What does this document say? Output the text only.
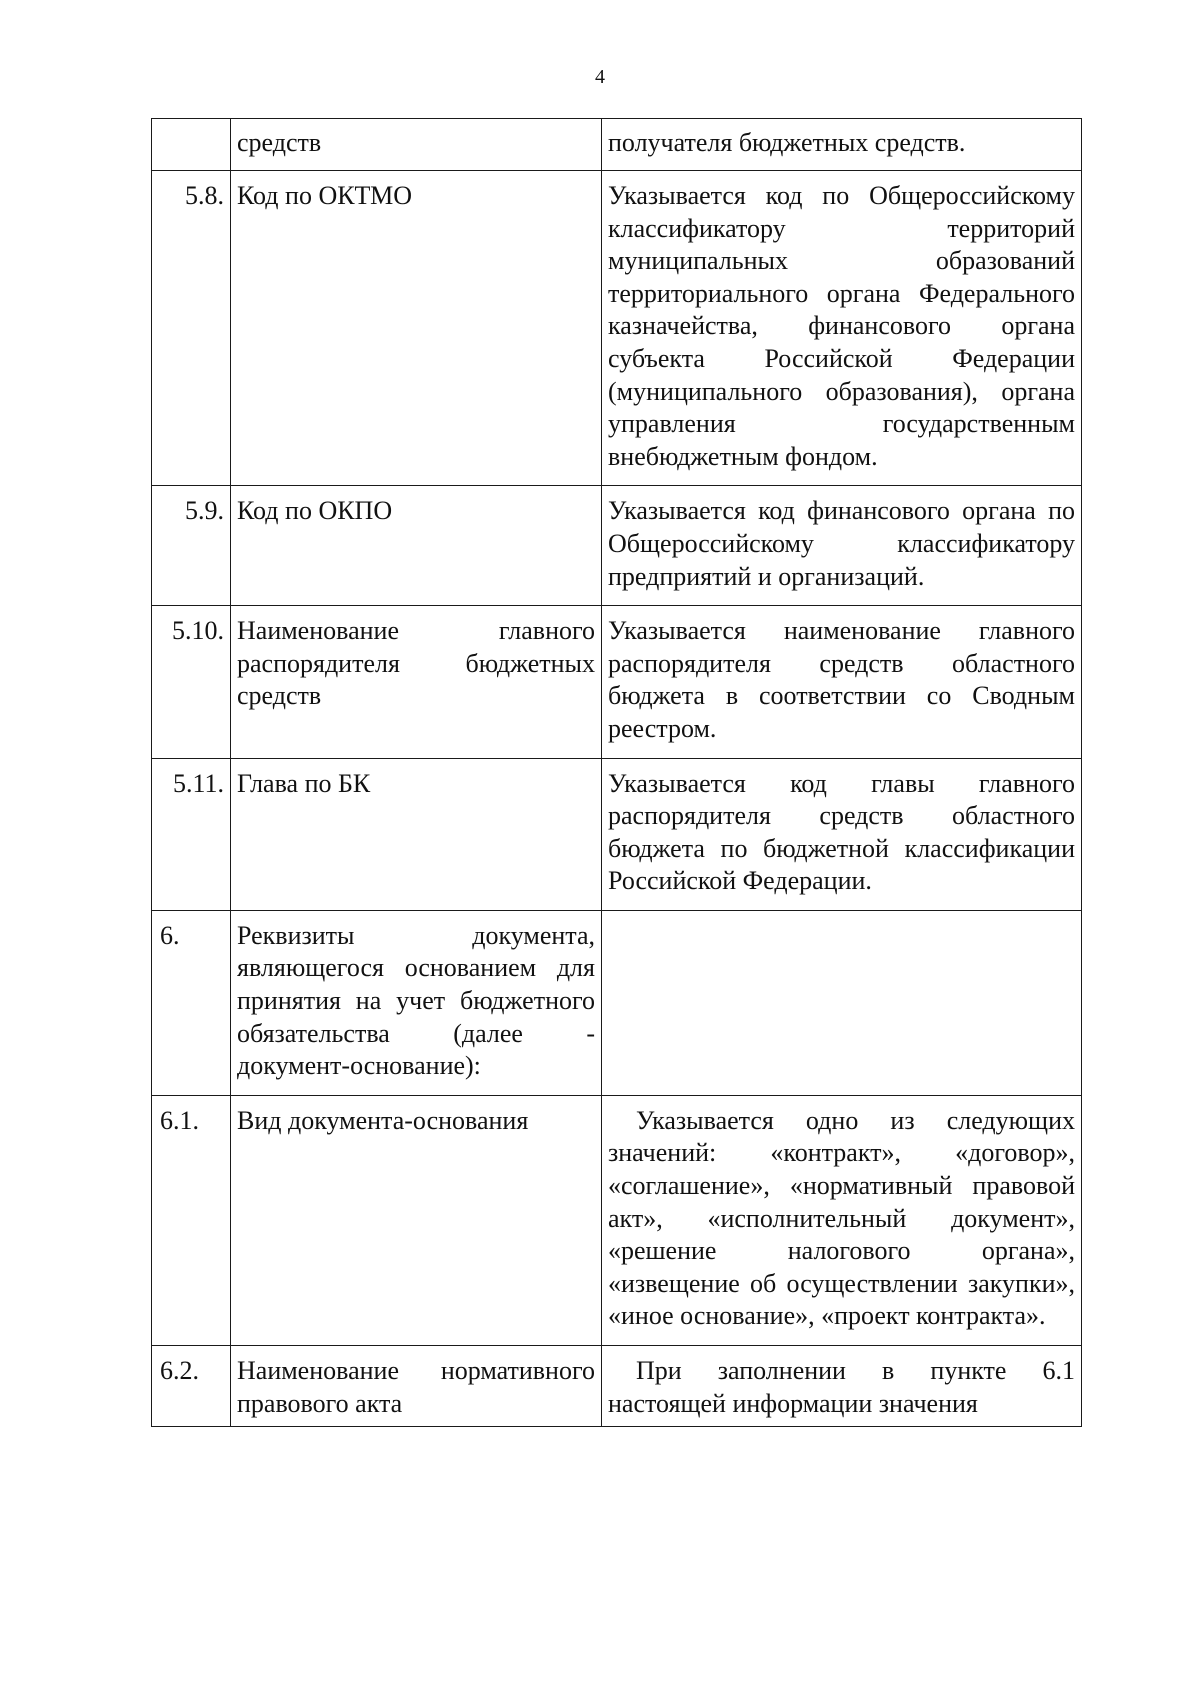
4
	средств	получателя бюджетных средств.
5.8.	Код по ОКТМО	Указывается код по Общероссийскому классификатору территорий муниципальных образований территориального органа Федерального казначейства, финансового органа субъекта Российской Федерации (муниципального образования), органа управления государственным внебюджетным фондом.
5.9.	Код по ОКПО	Указывается код финансового органа по Общероссийскому классификатору предприятий и организаций.
5.10.	Наименование главного распорядителя бюджетных средств	Указывается наименование главного распорядителя средств областного бюджета в соответствии со Сводным реестром.
5.11.	Глава по БК	Указывается код главы главного распорядителя средств областного бюджета по бюджетной классификации Российской Федерации.
6.	Реквизиты документа, являющегося основанием для принятия на учет бюджетного обязательства (далее - документ-основание):	
6.1.	Вид документа-основания	Указывается одно из следующих значений: «контракт», «договор», «соглашение», «нормативный правовой акт», «исполнительный документ», «решение налогового органа», «извещение об осуществлении закупки», «иное основание», «проект контракта».
6.2.	Наименование нормативного правового акта	При заполнении в пункте 6.1 настоящей информации значения
